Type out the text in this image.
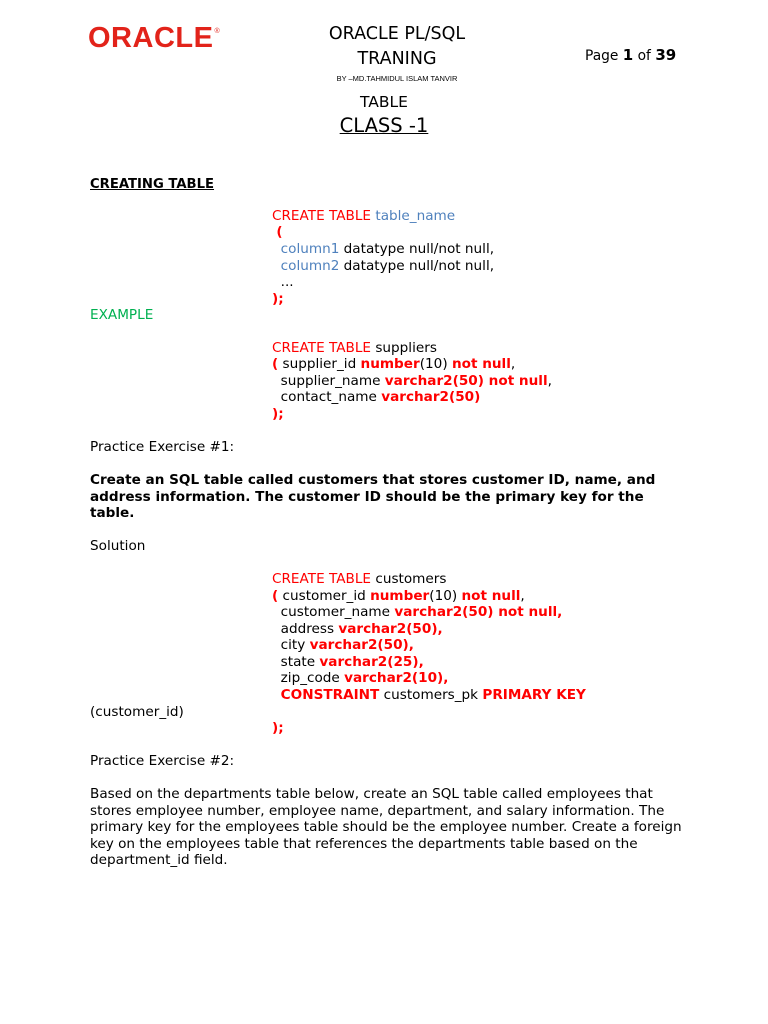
ORACLE®	ORACLE PL/SQL
TRANING
BY –MD.TAHMIDUL ISLAM TANVIR
Page 1 of 39
TABLE
CLASS -1
CREATING TABLE
CREATE TABLE table_name
(
column1 datatype null/not null,
column2 datatype null/not null,
...
);
EXAMPLE
CREATE TABLE suppliers
( supplier_id number(10) not null,
supplier_name varchar2(50) not null,
contact_name varchar2(50)
);
Practice Exercise #1:
Create an SQL table called customers that stores customer ID, name, and address information. The customer ID should be the primary key for the table.
Solution
CREATE TABLE customers
( customer_id number(10) not null,
customer_name varchar2(50) not null,
address varchar2(50),
city varchar2(50),
state varchar2(25),
zip_code varchar2(10),
CONSTRAINT customers_pk PRIMARY KEY
(customer_id)
);
Practice Exercise #2:
Based on the departments table below, create an SQL table called employees that stores employee number, employee name, department, and salary information. The primary key for the employees table should be the employee number. Create a foreign key on the employees table that references the departments table based on the department_id field.
